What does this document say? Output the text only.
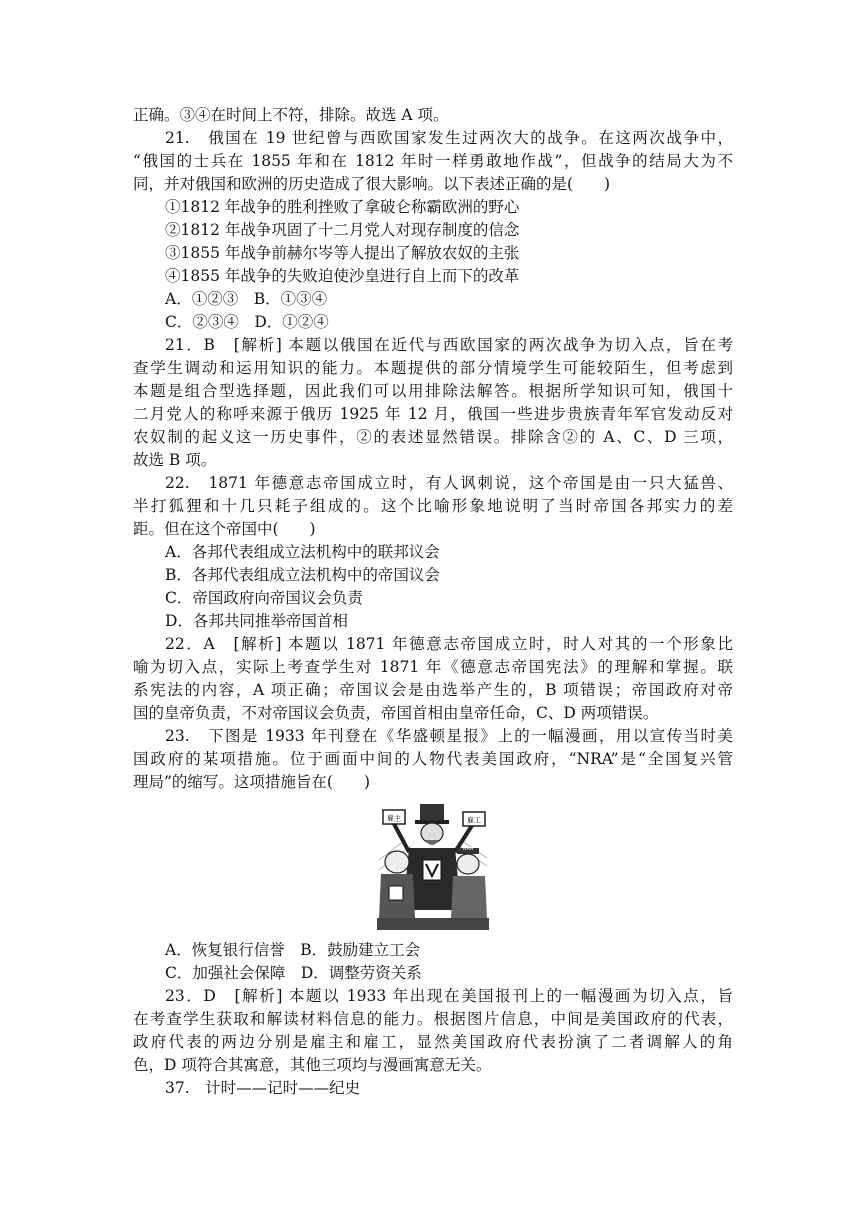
正确。③④在时间上不符，排除。故选 A 项。
21.　俄国在 19 世纪曾与西欧国家发生过两次大的战争。在这两次战争中，
“俄国的士兵在 1855 年和在 1812 年时一样勇敢地作战”，但战争的结局大为不
同，并对俄国和欧洲的历史造成了很大影响。以下表述正确的是(　　)
①1812 年战争的胜利挫败了拿破仑称霸欧洲的野心
②1812 年战争巩固了十二月党人对现存制度的信念
③1855 年战争前赫尔岑等人提出了解放农奴的主张
④1855 年战争的失败迫使沙皇进行自上而下的改革
A．①②③　B．①③④
C．②③④　D．①②④
21．B　[解析] 本题以俄国在近代与西欧国家的两次战争为切入点，旨在考
查学生调动和运用知识的能力。本题提供的部分情境学生可能较陌生，但考虑到
本题是组合型选择题，因此我们可以用排除法解答。根据所学知识可知，俄国十
二月党人的称呼来源于俄历 1925 年 12 月，俄国一些进步贵族青年军官发动反对
农奴制的起义这一历史事件，②的表述显然错误。排除含②的 A、C、D 三项，
故选 B 项。
22.　1871 年德意志帝国成立时，有人讽刺说，这个帝国是由一只大猛兽、
半打狐狸和十几只耗子组成的。这个比喻形象地说明了当时帝国各邦实力的差
距。但在这个帝国中(　　)
A．各邦代表组成立法机构中的联邦议会
B．各邦代表组成立法机构中的帝国议会
C．帝国政府向帝国议会负责
D．各邦共同推举帝国首相
22．A　[解析] 本题以 1871 年德意志帝国成立时，时人对其的一个形象比
喻为切入点，实际上考查学生对 1871 年《德意志帝国宪法》的理解和掌握。联
系宪法的内容，A 项正确；帝国议会是由选举产生的，B 项错误；帝国政府对帝
国的皇帝负责，不对帝国议会负责，帝国首相由皇帝任命，C、D 两项错误。
23.　下图是 1933 年刊登在《华盛顿星报》上的一幅漫画，用以宣传当时美
国政府的某项措施。位于画面中间的人物代表美国政府，“NRA”是“全国复兴管
理局”的缩写。这项措施旨在(　　)
雇主	雇工
NRA
A．恢复银行信誉　B．鼓励建立工会
C．加强社会保障　D．调整劳资关系
23．D　[解析] 本题以 1933 年出现在美国报刊上的一幅漫画为切入点，旨
在考查学生获取和解读材料信息的能力。根据图片信息，中间是美国政府的代表，
政府代表的两边分别是雇主和雇工，显然美国政府代表扮演了二者调解人的角
色，D 项符合其寓意，其他三项均与漫画寓意无关。
37.　计时——记时——纪史
